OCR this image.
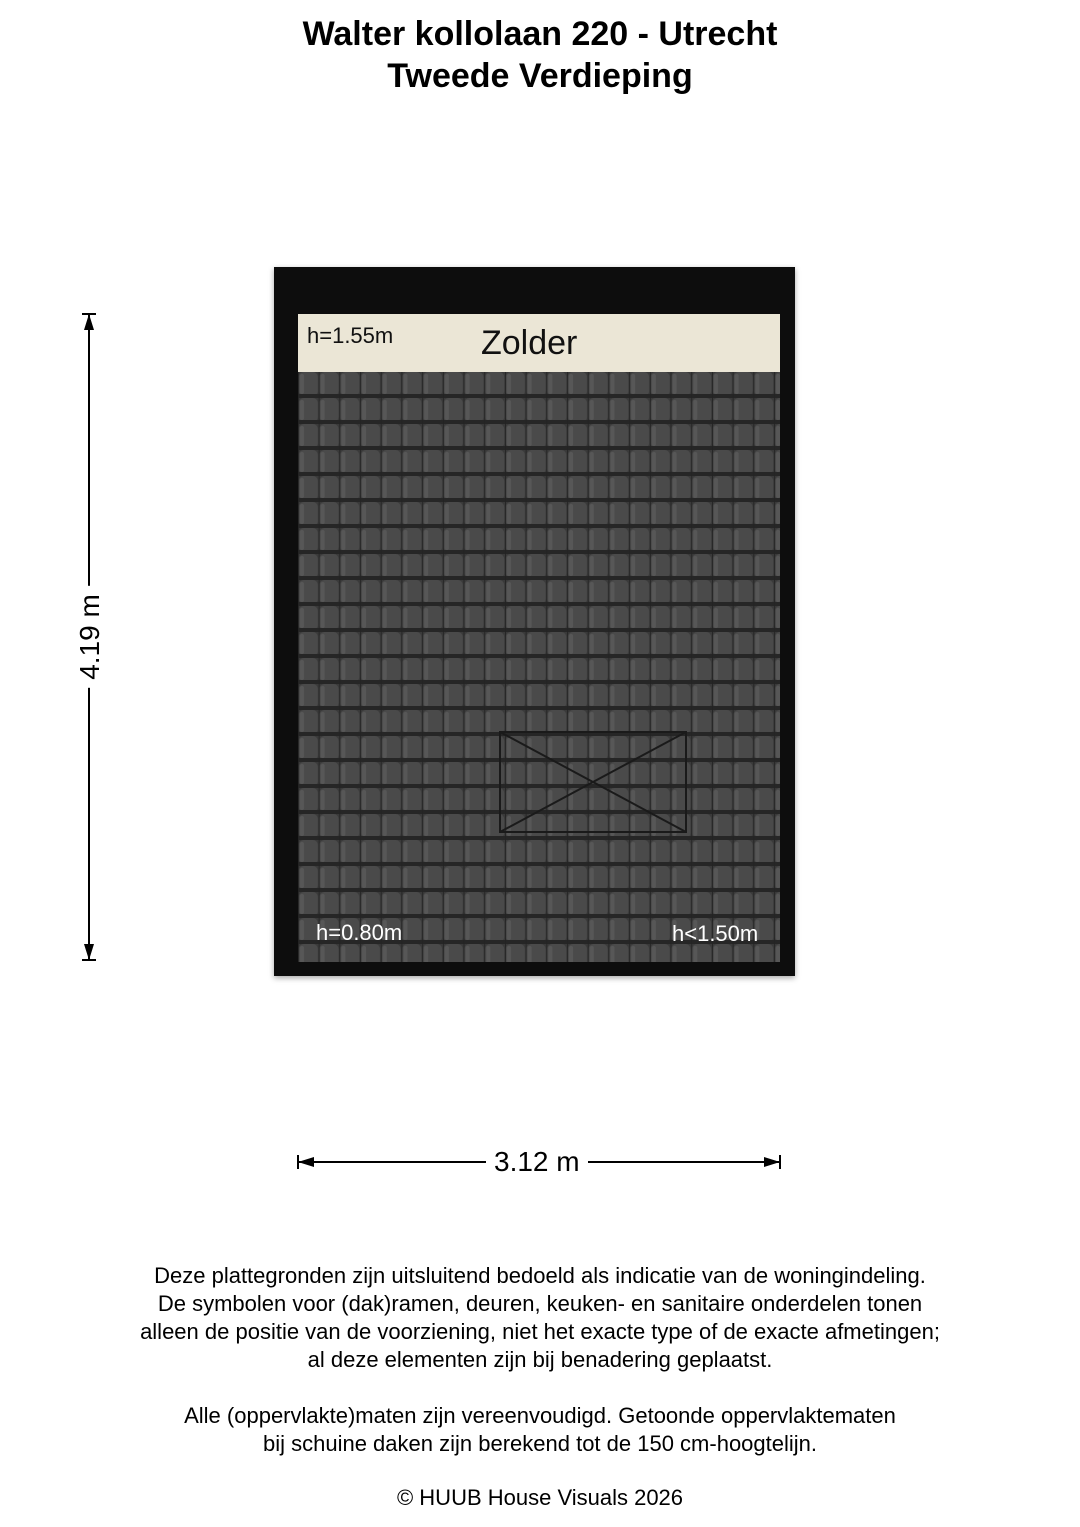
Walter kollolaan 220 - Utrecht
Tweede Verdieping
Zolder
h=1.55m
h=0.80m	h<1.50m
3.12 m
4.19 m
Deze plattegronden zijn uitsluitend bedoeld als indicatie van de woningindeling.
De symbolen voor (dak)ramen, deuren, keuken- en sanitaire onderdelen tonen
alleen de positie van de voorziening, niet het exacte type of de exacte afmetingen;
al deze elementen zijn bij benadering geplaatst.
Alle (oppervlakte)maten zijn vereenvoudigd. Getoonde oppervlaktematen
bij schuine daken zijn berekend tot de 150 cm-hoogtelijn.
© HUUB House Visuals 2026
